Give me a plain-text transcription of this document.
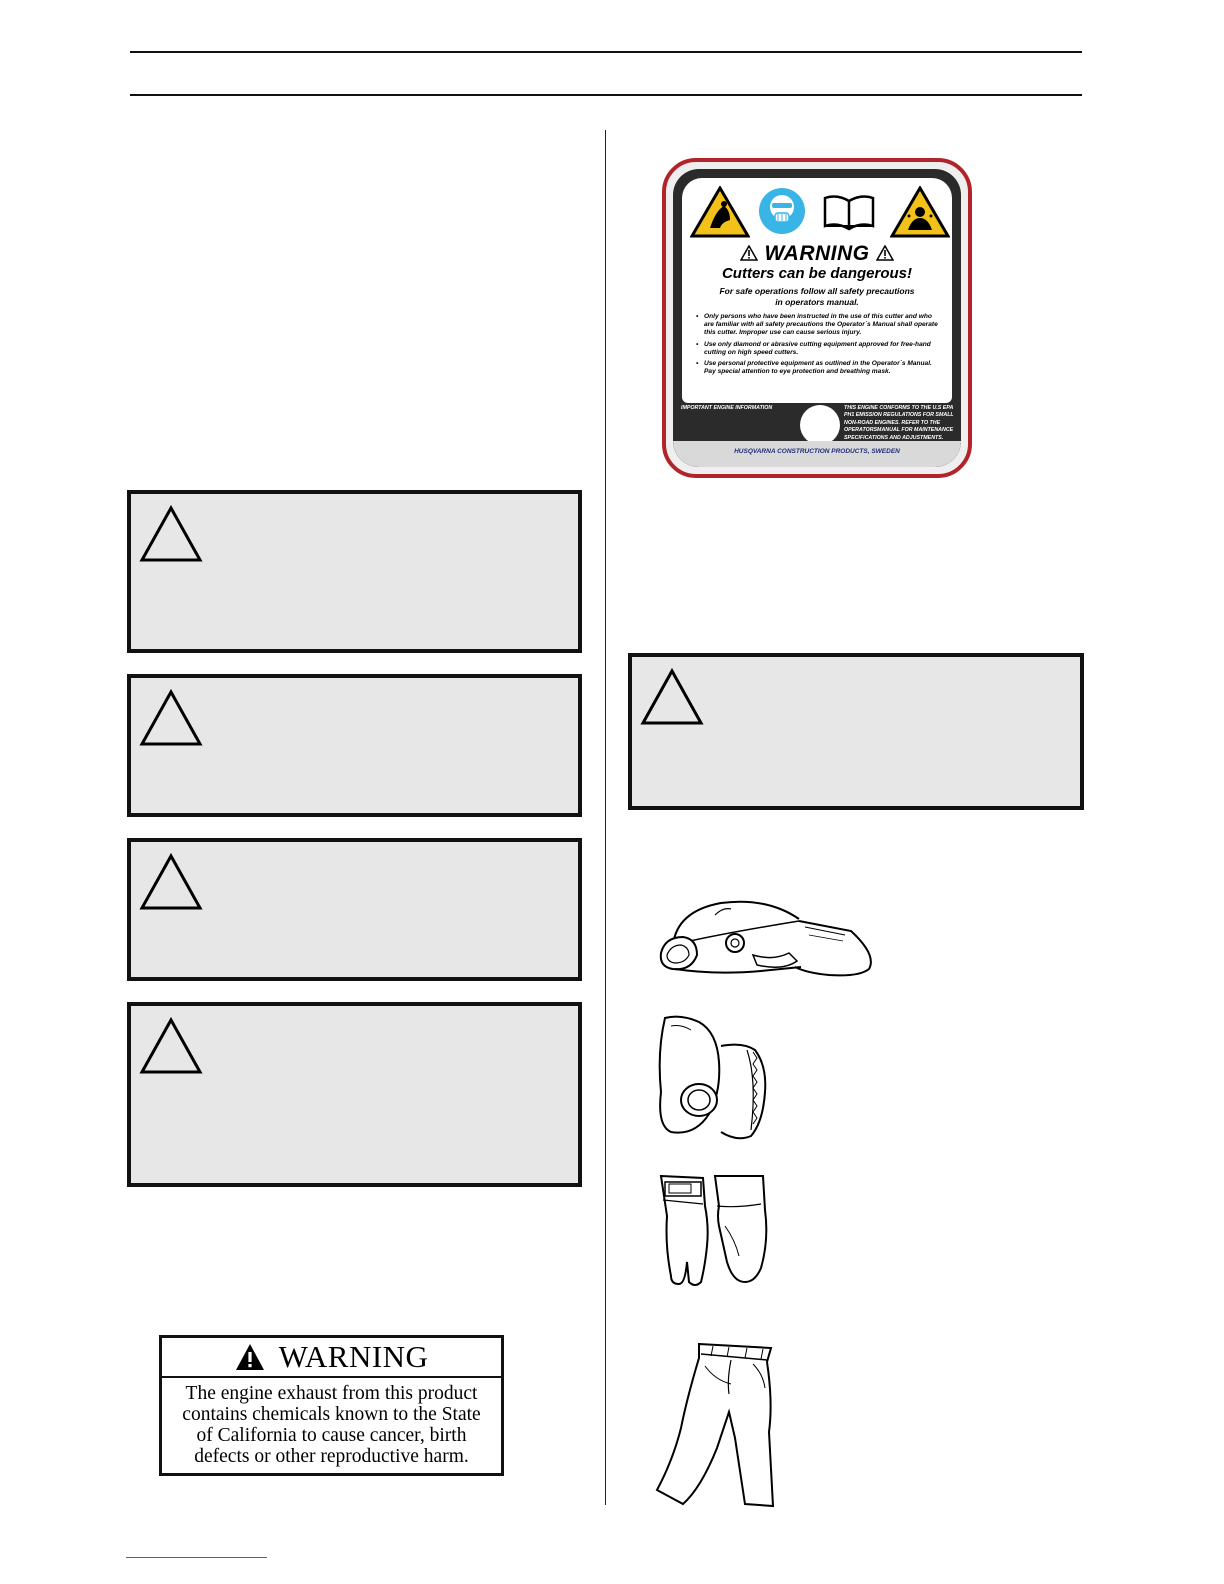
WARNING
Cutters can be dangerous!
For safe operations follow all safety precautions
in operators manual.
• Only persons who have been instructed in the use of this cutter and who are familiar with all safety precautions the Operator´s Manual shall operate this cutter. Improper use can cause serious injury.
• Use only diamond or abrasive cutting equipment approved for free-hand cutting on high speed cutters.
• Use personal protective equipment as outlined in the Operator´s Manual. Pay special attention to eye protection and breathing mask.
IMPORTANT ENGINE INFORMATION	THIS ENGINE CONFORMS TO THE U.S EPA PH1 EMISSION REGULATIONS FOR SMALL NON-ROAD ENGINES. REFER TO THE OPERATORSMANUAL FOR MAINTENANCE SPECIFICATIONS AND ADJUSTMENTS.
HUSQVARNA CONSTRUCTION PRODUCTS, SWEDEN
WARNING
The engine exhaust from this product
contains chemicals known to the State
of California to cause cancer, birth
defects or other reproductive harm.
